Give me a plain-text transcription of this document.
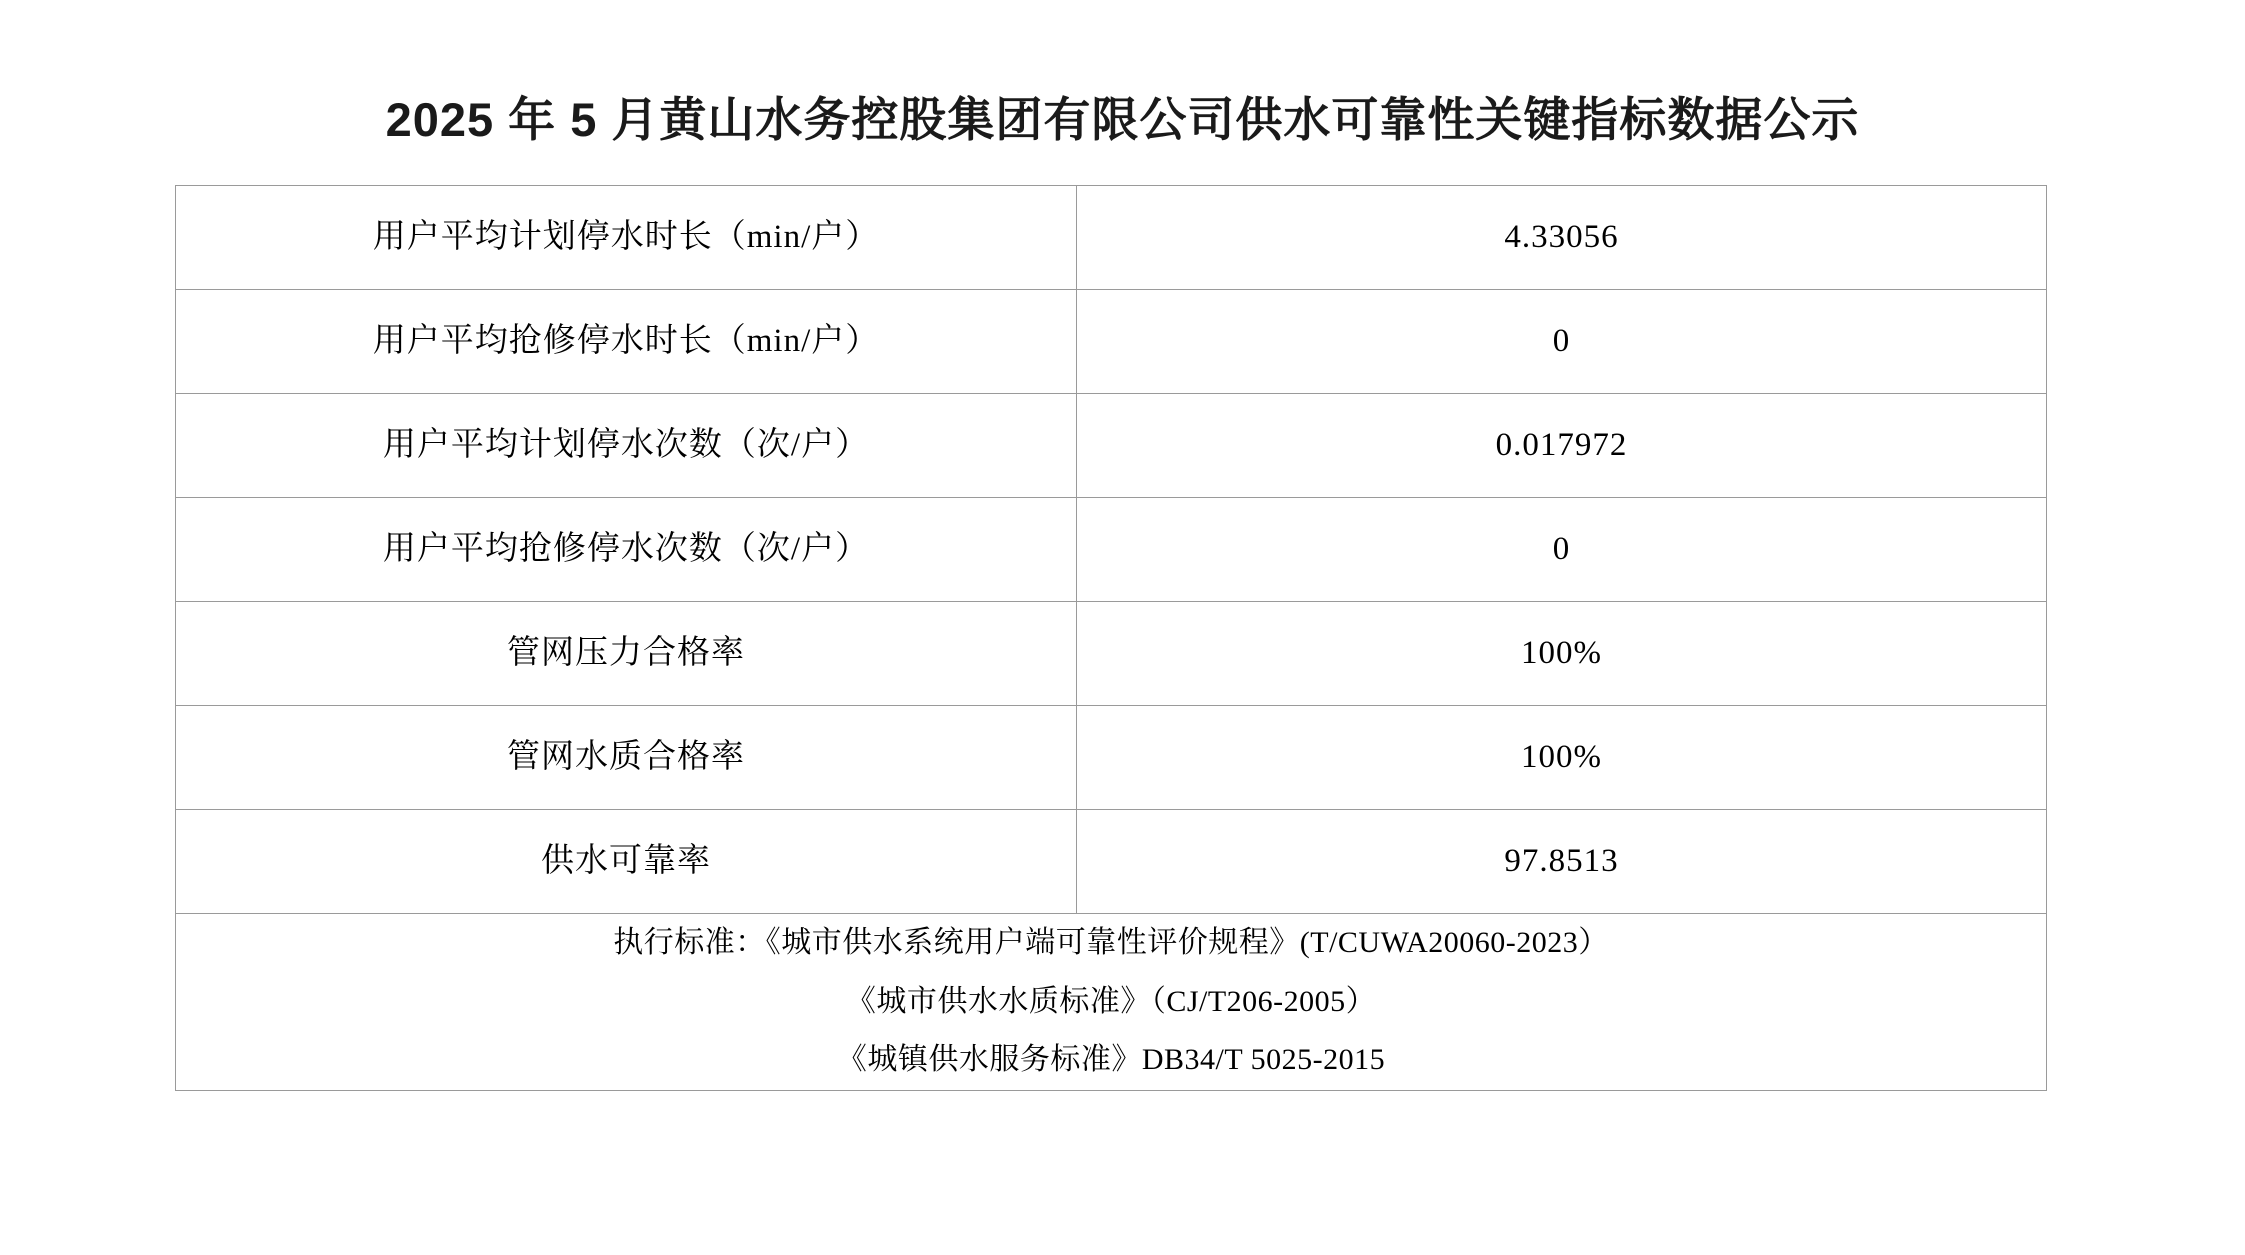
2025 年 5 月黄山水务控股集团有限公司供水可靠性关键指标数据公示
用户平均计划停水时长（min/户）	4.33056
用户平均抢修停水时长（min/户）	0
用户平均计划停水次数（次/户）	0.017972
用户平均抢修停水次数（次/户）	0
管网压力合格率	100%
管网水质合格率	100%
供水可靠率	97.8513

执行标准：《城市供水系统用户端可靠性评价规程》(T/CUWA20060-2023）
《城市供水水质标准》（CJ/T206-2005）
《城镇供水服务标准》DB34/T 5025-2015	
